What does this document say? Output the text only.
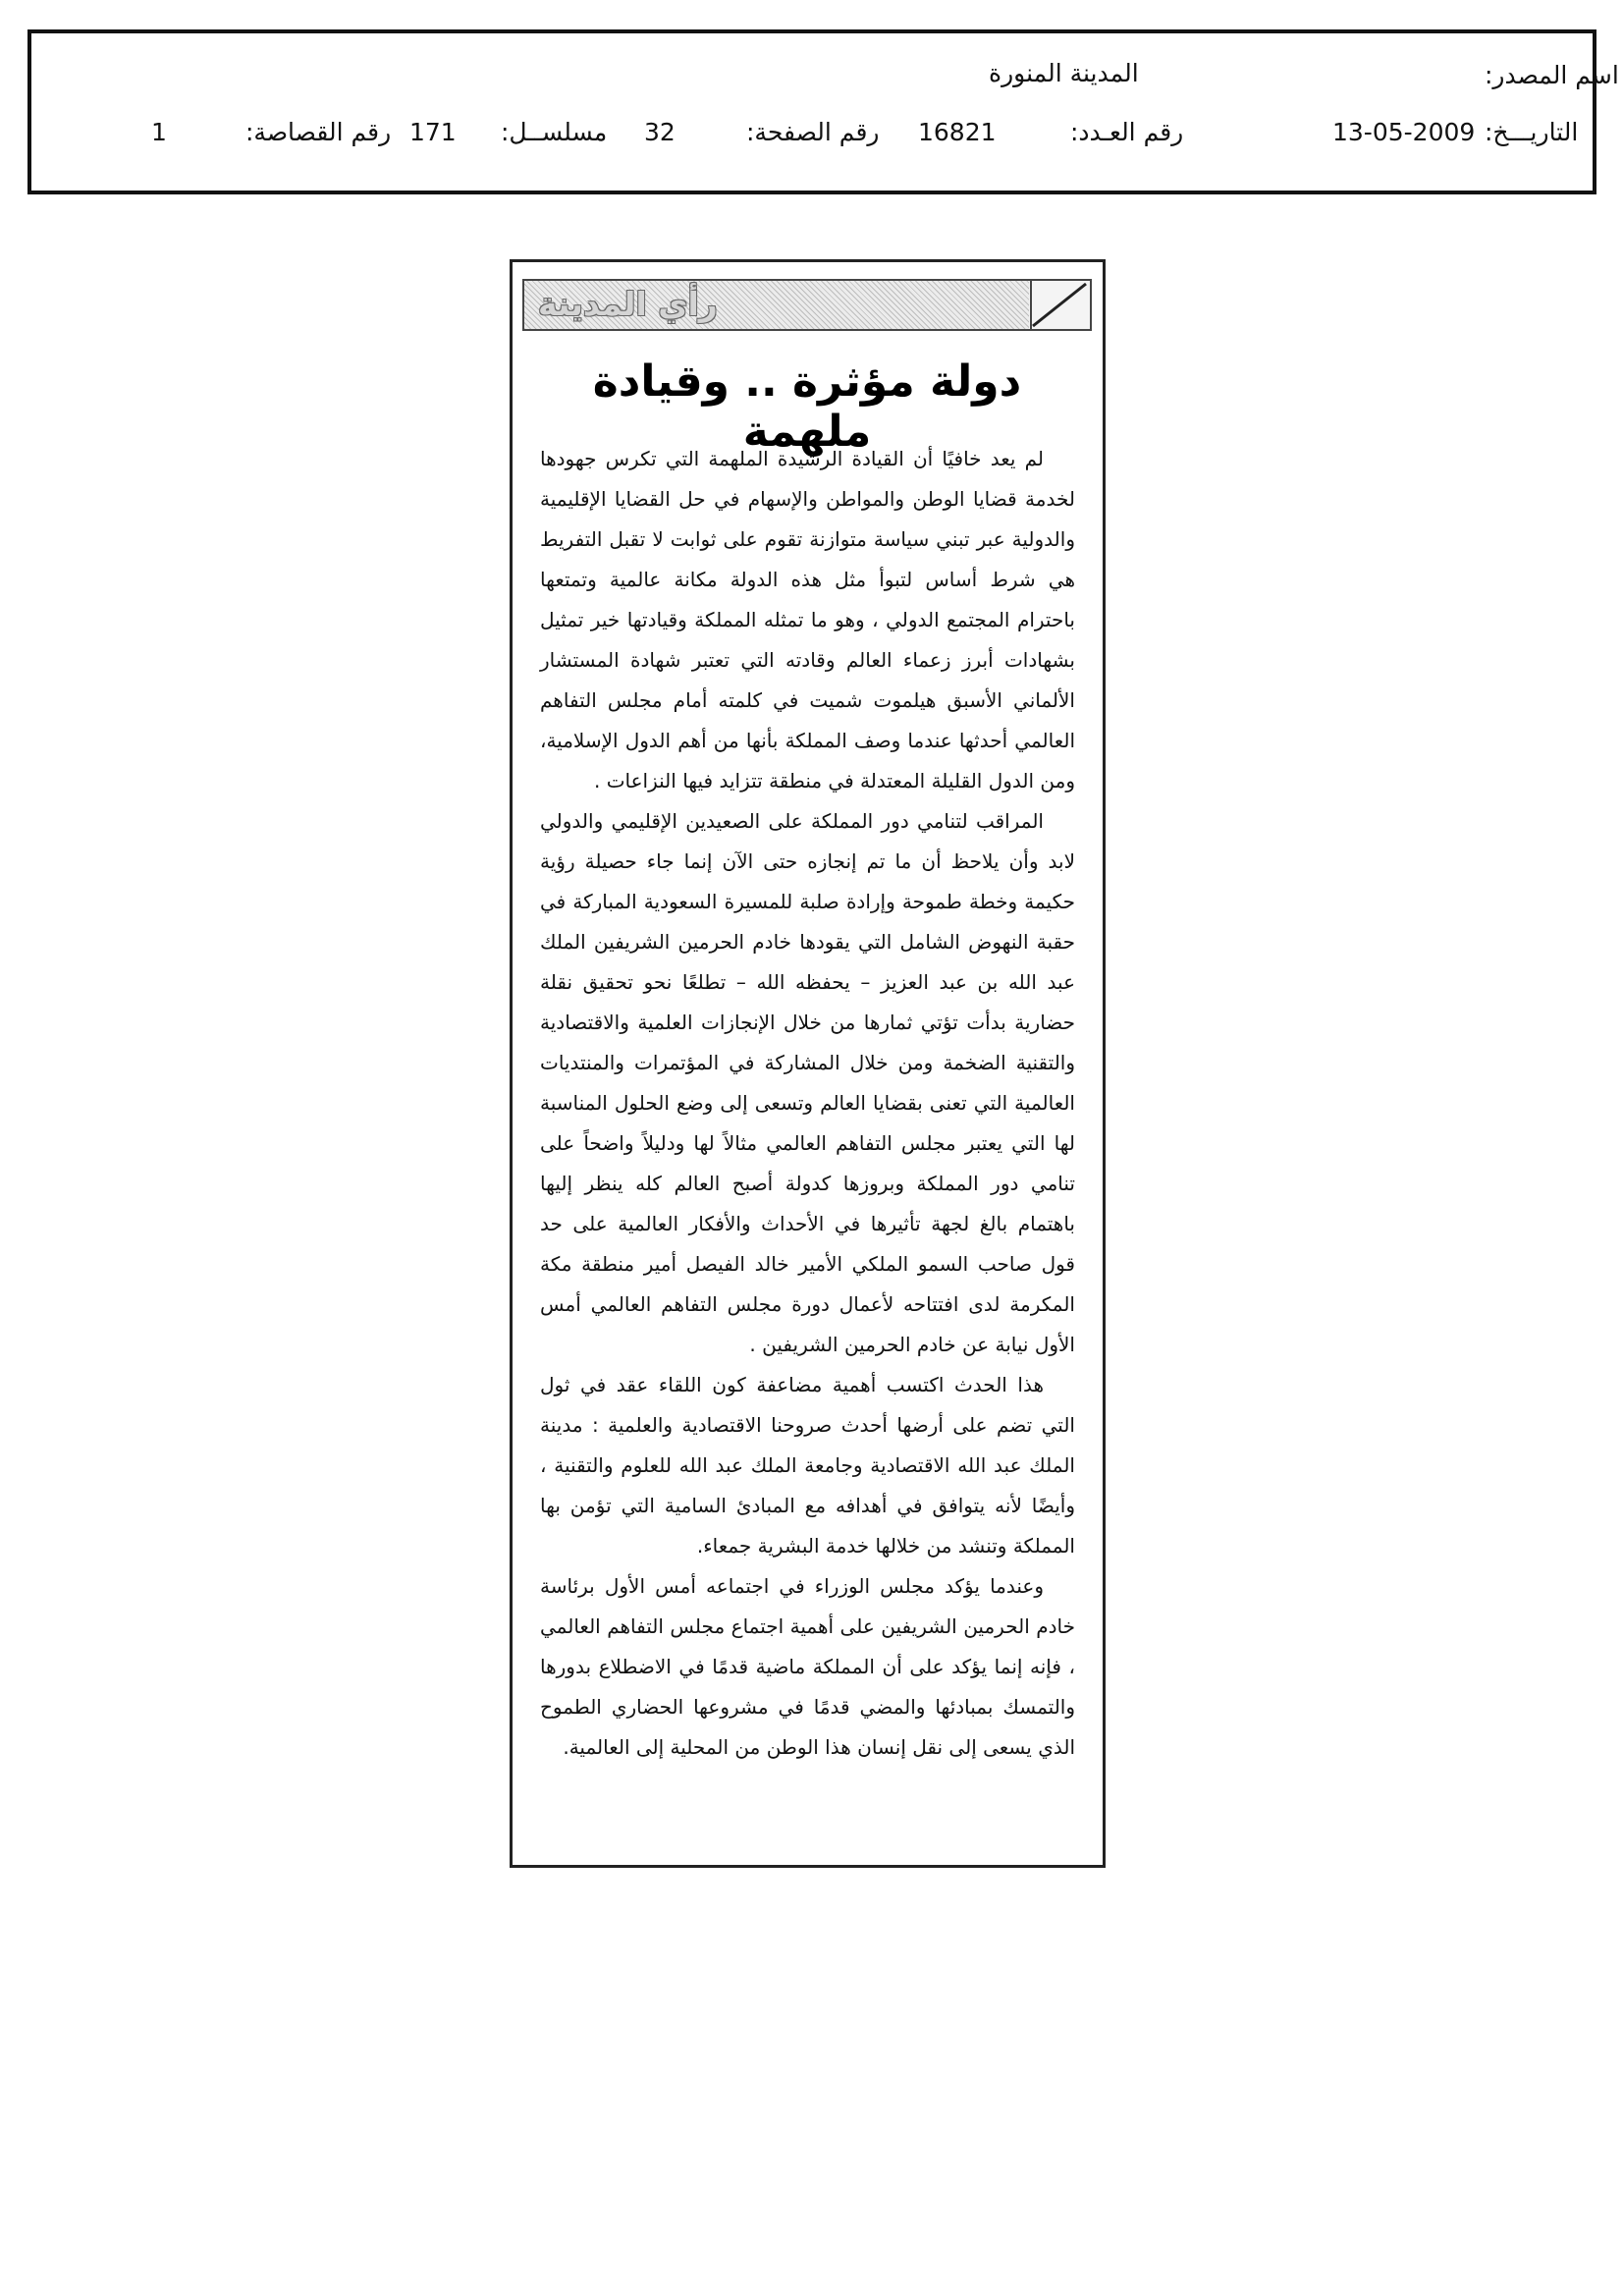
اسم المصدر:
المدينة المنورة
التاريـــخ:
13-05-2009
رقم العـدد:
16821
رقم الصفحة:
32
مسلســل:
171
رقم القصاصة:
1
رأي المدينة
دولة مؤثرة .. وقيادة ملهمة

لم يعد خافيًا أن القيادة الرشيدة الملهمة التي تكرس جهودها لخدمة قضايا الوطن والمواطن والإسهام في حل القضايا الإقليمية والدولية عبر تبني سياسة متوازنة تقوم على ثوابت لا تقبل التفريط هي شرط أساس لتبوأ مثل هذه الدولة مكانة عالمية وتمتعها باحترام المجتمع الدولي ، وهو ما تمثله المملكة وقيادتها خير تمثيل بشهادات أبرز زعماء العالم وقادته التي تعتبر شهادة المستشار الألماني الأسبق هيلموت شميت في كلمته أمام مجلس التفاهم العالمي أحدثها عندما وصف المملكة بأنها من أهم الدول الإسلامية، ومن الدول القليلة المعتدلة في منطقة تتزايد فيها النزاعات .

المراقب لتنامي دور المملكة على الصعيدين الإقليمي والدولي لابد وأن يلاحظ أن ما تم إنجازه حتى الآن إنما جاء حصيلة رؤية حكيمة وخطة طموحة وإرادة صلبة للمسيرة السعودية المباركة في حقبة النهوض الشامل التي يقودها خادم الحرمين الشريفين الملك عبد الله بن عبد العزيز – يحفظه الله – تطلعًا نحو تحقيق نقلة حضارية بدأت تؤتي ثمارها من خلال الإنجازات العلمية والاقتصادية والتقنية الضخمة ومن خلال المشاركة في المؤتمرات والمنتديات العالمية التي تعنى بقضايا العالم وتسعى إلى وضع الحلول المناسبة لها التي يعتبر مجلس التفاهم العالمي مثالاً لها ودليلاً واضحاً على تنامي دور المملكة وبروزها كدولة أصبح العالم كله ينظر إليها باهتمام بالغ لجهة تأثيرها في الأحداث والأفكار العالمية على حد قول صاحب السمو الملكي الأمير خالد الفيصل أمير منطقة مكة المكرمة لدى افتتاحه لأعمال دورة مجلس التفاهم العالمي أمس الأول نيابة عن خادم الحرمين الشريفين .

هذا الحدث اكتسب أهمية مضاعفة كون اللقاء عقد في ثول التي تضم على أرضها أحدث صروحنا الاقتصادية والعلمية : مدينة الملك عبد الله الاقتصادية وجامعة الملك عبد الله للعلوم والتقنية ، وأيضًا لأنه يتوافق في أهدافه مع المبادئ السامية التي تؤمن بها المملكة وتنشد من خلالها خدمة البشرية جمعاء.

وعندما يؤكد مجلس الوزراء في اجتماعه أمس الأول برئاسة خادم الحرمين الشريفين على أهمية اجتماع مجلس التفاهم العالمي ، فإنه إنما يؤكد على أن المملكة ماضية قدمًا في الاضطلاع بدورها والتمسك بمبادئها والمضي قدمًا في مشروعها الحضاري الطموح الذي يسعى إلى نقل إنسان هذا الوطن من المحلية إلى العالمية.
